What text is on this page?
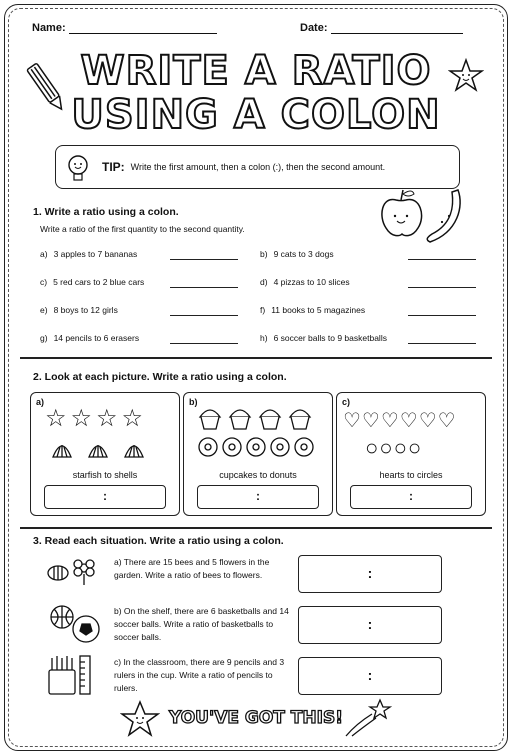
Name:	Date:
WRITE A RATIO
USING A COLON
TIP: Write the first amount, then a colon (:), then the second amount.
1. Write a ratio using a colon.
Write a ratio of the first quantity to the second quantity.
a) 3 apples to 7 bananas	b) 9 cats to 3 dogs
c) 5 red cars to 2 blue cars	d) 4 pizzas to 10 slices
e) 8 boys to 12 girls	f) 11 books to 5 magazines
g) 14 pencils to 6 erasers	h) 6 soccer balls to 9 basketballs
2. Look at each picture. Write a ratio using a colon.
a)
☆☆☆☆
starfish to shells
:
b)
cupcakes to donuts
:
c)
♡♡♡♡♡♡
○○○○
hearts to circles
:
3. Read each situation. Write a ratio using a colon.
a) There are 15 bees and 5 flowers in the garden. Write a ratio of bees to flowers.	:
b) On the shelf, there are 6 basketballs and 14 soccer balls. Write a ratio of basketballs to soccer balls.
:
c) In the classroom, there are 9 pencils and 3 rulers in the cup. Write a ratio of pencils to rulers.
:
YOU'VE GOT THIS!
